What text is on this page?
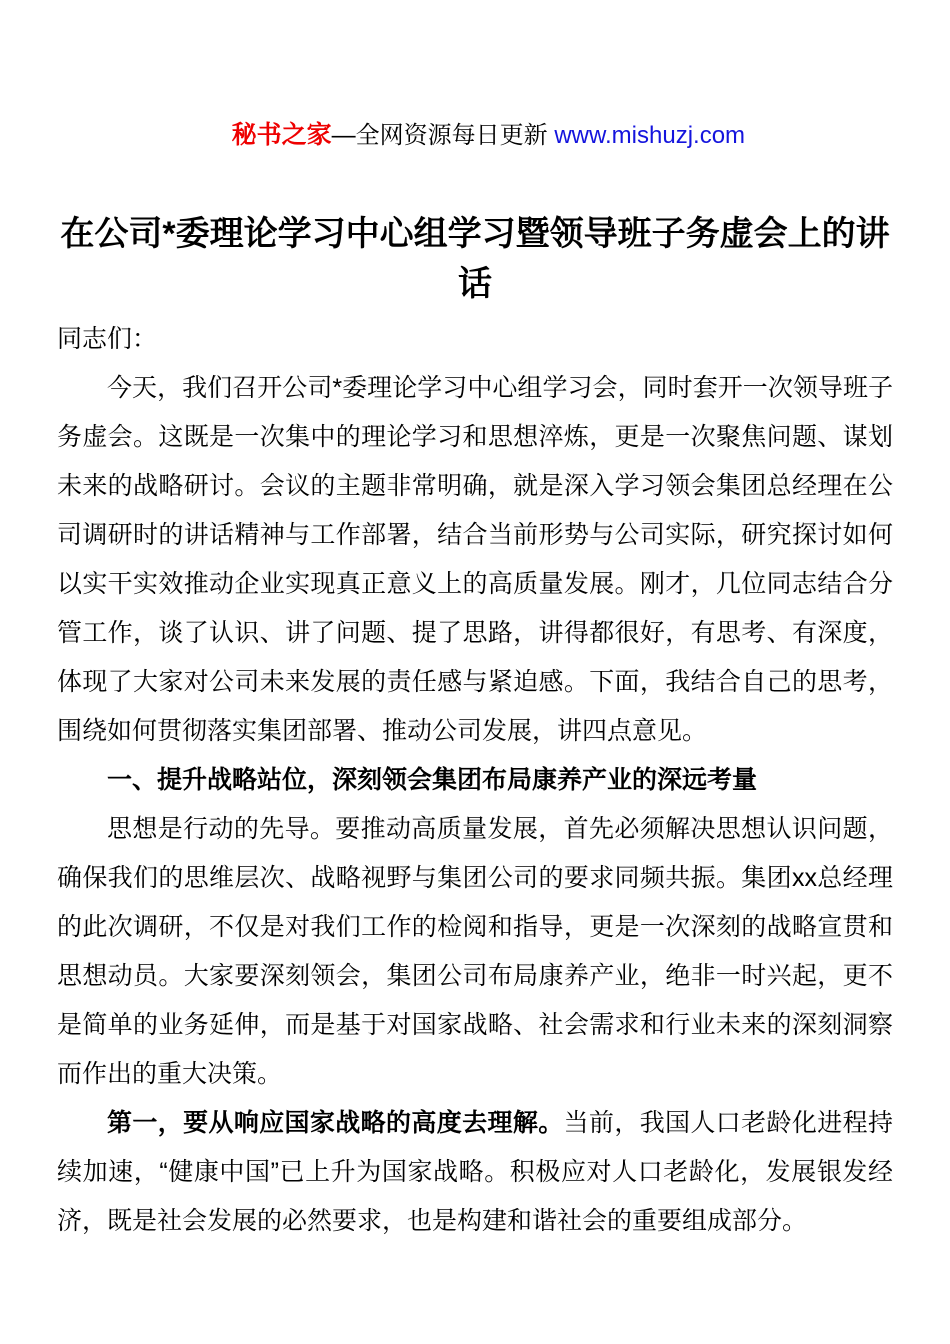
秘书之家—全网资源每日更新 www.mishuzj.com

在公司*委理论学习中心组学习暨领导班子务虚会上的讲话

同志们：

今天，我们召开公司*委理论学习中心组学习会，同时套开一次领导班子务虚会。这既是一次集中的理论学习和思想淬炼，更是一次聚焦问题、谋划未来的战略研讨。会议的主题非常明确，就是深入学习领会集团总经理在公司调研时的讲话精神与工作部署，结合当前形势与公司实际，研究探讨如何以实干实效推动企业实现真正意义上的高质量发展。刚才，几位同志结合分管工作，谈了认识、讲了问题、提了思路，讲得都很好，有思考、有深度，体现了大家对公司未来发展的责任感与紧迫感。下面，我结合自己的思考，围绕如何贯彻落实集团部署、推动公司发展，讲四点意见。

一、提升战略站位，深刻领会集团布局康养产业的深远考量

思想是行动的先导。要推动高质量发展，首先必须解决思想认识问题，确保我们的思维层次、战略视野与集团公司的要求同频共振。集团xx总经理的此次调研，不仅是对我们工作的检阅和指导，更是一次深刻的战略宣贯和思想动员。大家要深刻领会，集团公司布局康养产业，绝非一时兴起，更不是简单的业务延伸，而是基于对国家战略、社会需求和行业未来的深刻洞察而作出的重大决策。

第一，要从响应国家战略的高度去理解。当前，我国人口老龄化进程持续加速，“健康中国”已上升为国家战略。积极应对人口老龄化，发展银发经济，既是社会发展的必然要求，也是构建和谐社会的重要组成部分。
